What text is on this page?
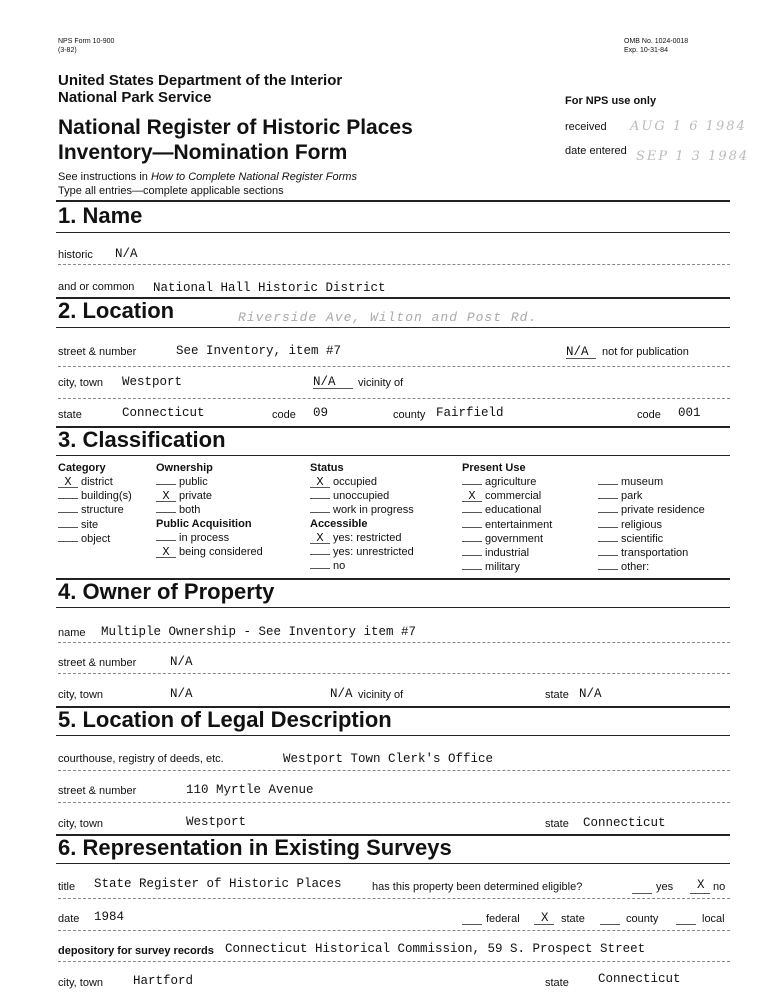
NPS Form 10-900
(3-82)
OMB No. 1024-0018
Exp. 10-31-84
United States Department of the Interior
National Park Service
National Register of Historic Places
Inventory—Nomination Form
See instructions in How to Complete National Register Forms
Type all entries—complete applicable sections
For NPS use only
received AUG 1 6 1984
date entered SEP 1 3 1984
1. Name
historic N/A
and or common National Hall Historic District
2. Location	Riverside Ave, Wilton and Post Rd.
street & number	See Inventory, item #7	N/A not for publication
city, town Westport	N/A vicinity of
state	Connecticut	code 09	county Fairfield	code 001
3. Classification
Category	Ownership
Public Acquisition
Status
Accessible
Present Use
X district
building(s)
structure
site
object
public
X private
both
in process
X being considered
X occupied
unoccupied
work in progress
X yes: restricted
yes: unrestricted
no
agriculture
X commercial
educational
entertainment
government
industrial
military
museum
park
private residence
religious
scientific
transportation
other:
4. Owner of Property
name Multiple Ownership - See Inventory item #7
street & number	N/A
city, town	N/A	N/A vicinity of	state N/A
5. Location of Legal Description
courthouse, registry of deeds, etc.	Westport Town Clerk's Office
street & number	110 Myrtle Avenue
city, town	Westport	state Connecticut
6. Representation in Existing Surveys
title State Register of Historic Places	has this property been determined eligible?	yes X no
date 1984	federal X state	county	local
depository for survey records Connecticut Historical Commission, 59 S. Prospect Street
city, town Hartford	state Connecticut
